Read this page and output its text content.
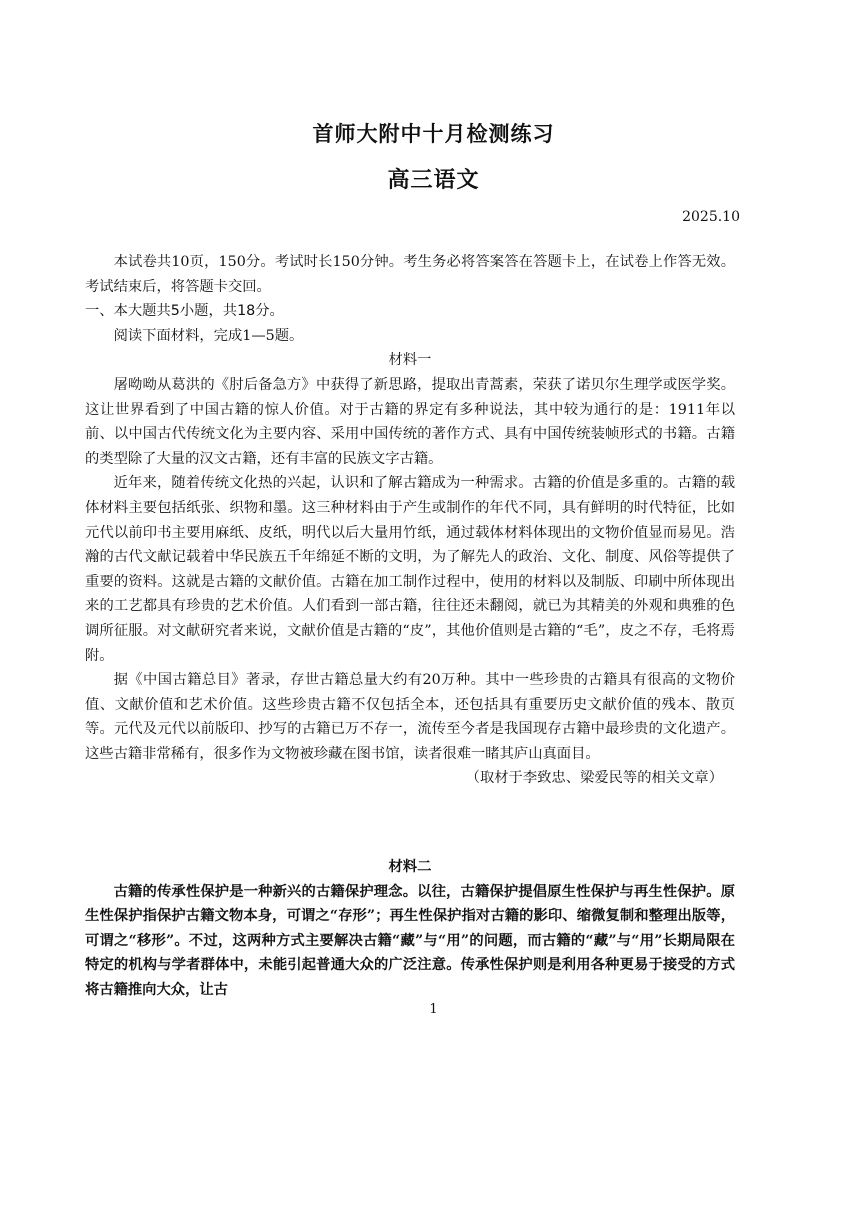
首师大附中十月检测练习
高三语文
2025.10

本试卷共10页，150分。考试时长150分钟。考生务必将答案答在答题卡上，在试卷上作答无效。考试结束后，将答题卡交回。

一、本大题共5小题，共18分。

阅读下面材料，完成1—5题。

材料一

屠呦呦从葛洪的《肘后备急方》中获得了新思路，提取出青蒿素，荣获了诺贝尔生理学或医学奖。这让世界看到了中国古籍的惊人价值。对于古籍的界定有多种说法，其中较为通行的是：1911年以前、以中国古代传统文化为主要内容、采用中国传统的著作方式、具有中国传统装帧形式的书籍。古籍的类型除了大量的汉文古籍，还有丰富的民族文字古籍。

近年来，随着传统文化热的兴起，认识和了解古籍成为一种需求。古籍的价值是多重的。古籍的载体材料主要包括纸张、织物和墨。这三种材料由于产生或制作的年代不同，具有鲜明的时代特征，比如元代以前印书主要用麻纸、皮纸，明代以后大量用竹纸，通过载体材料体现出的文物价值显而易见。浩瀚的古代文献记载着中华民族五千年绵延不断的文明，为了解先人的政治、文化、制度、风俗等提供了重要的资料。这就是古籍的文献价值。古籍在加工制作过程中，使用的材料以及制版、印刷中所体现出来的工艺都具有珍贵的艺术价值。人们看到一部古籍，往往还未翻阅，就已为其精美的外观和典雅的色调所征服。对文献研究者来说，文献价值是古籍的“皮”，其他价值则是古籍的“毛”，皮之不存，毛将焉附。

据《中国古籍总目》著录，存世古籍总量大约有20万种。其中一些珍贵的古籍具有很高的文物价值、文献价值和艺术价值。这些珍贵古籍不仅包括全本，还包括具有重要历史文献价值的残本、散页等。元代及元代以前版印、抄写的古籍已万不存一，流传至今者是我国现存古籍中最珍贵的文化遗产。这些古籍非常稀有，很多作为文物被珍藏在图书馆，读者很难一睹其庐山真面目。

（取材于李致忠、梁爱民等的相关文章）

材料二

古籍的传承性保护是一种新兴的古籍保护理念。以往，古籍保护提倡原生性保护与再生性保护。原生性保护指保护古籍文物本身，可谓之“存形”；再生性保护指对古籍的影印、缩微复制和整理出版等，可谓之“移形”。不过，这两种方式主要解决古籍“藏”与“用”的问题，而古籍的“藏”与“用”长期局限在特定的机构与学者群体中，未能引起普通大众的广泛注意。传承性保护则是利用各种更易于接受的方式将古籍推向大众，让古

1
